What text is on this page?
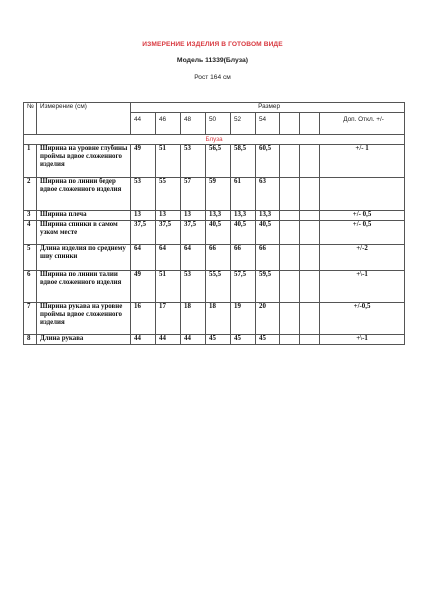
ИЗМЕРЕНИЕ ИЗДЕЛИЯ В ГОТОВОМ ВИДЕ
Модель 11339(Блуза)
Рост 164 см
№	Измерение (см)	Размер								
		44	46	48	50	52	54			Доп. Откл. +/-
Блуза										
1	Ширина на уровне глубины проймы вдвое сложенного изделия	49	51	53	56,5	58,5	60,5			+/- 1
2	Ширина по линии бедер вдвое сложенного изделия	53	55	57	59	61	63			
3	Ширина плеча	13	13	13	13,3	13,3	13,3			+/- 0,5
4	Ширина спинки в самом узком месте	37,5	37,5	37,5	40,5	40,5	40,5			+/- 0,5
5	Длина изделия по среднему шву спинки	64	64	64	66	66	66			+/-2
6	Ширина по линии талии вдвое сложенного изделия	49	51	53	55,5	57,5	59,5			+\-1
7	Ширина рукава на уровне проймы вдвое сложенного изделия	16	17	18	18	19	20			+/-0,5
8	Длина рукава	44	44	44	45	45	45			+\-1
